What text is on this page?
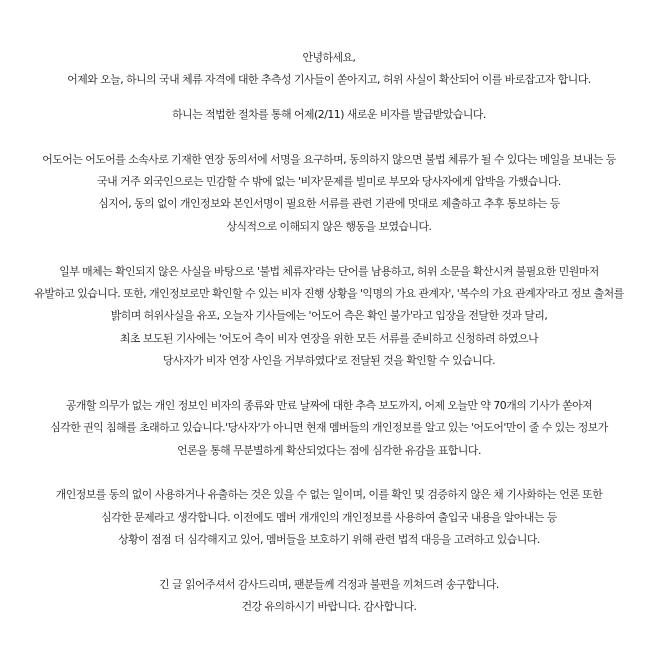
안녕하세요,
어제와 오늘, 하니의 국내 체류 자격에 대한 추측성 기사들이 쏟아지고, 허위 사실이 확산되어 이를 바로잡고자 합니다.
하니는 적법한 절차를 통해 어제(2/11) 새로운 비자를 발급받았습니다.
어도어는 어도어를 소속사로 기재한 연장 동의서에 서명을 요구하며, 동의하지 않으면 불법 체류가 될 수 있다는 메일을 보내는 등
국내 거주 외국인으로는 민감할 수 밖에 없는 '비자'문제를 빌미로 부모와 당사자에게 압박을 가했습니다.
심지어, 동의 없이 개인정보와 본인서명이 필요한 서류를 관련 기관에 멋대로 제출하고 추후 통보하는 등
상식적으로 이해되지 않은 행동을 보였습니다.
일부 매체는 확인되지 않은 사실을 바탕으로 '불법 체류자'라는 단어를 남용하고, 허위 소문을 확산시켜 불필요한 민원마저
유발하고 있습니다. 또한, 개인정보로만 확인할 수 있는 비자 진행 상황을 '익명의 가요 관계자', '복수의 가요 관계자'라고 정보 출처를
밝히며 허위사실을 유포, 오늘자 기사들에는 '어도어 측은 확인 불가'라고 입장을 전달한 것과 달리,
최초 보도된 기사에는 '어도어 측이 비자 연장을 위한 모든 서류를 준비하고 신청하려 하였으나
당사자가 비자 연장 사인을 거부하였다'로 전달된 것을 확인할 수 있습니다.
공개할 의무가 없는 개인 정보인 비자의 종류와 만료 날짜에 대한 추측 보도까지, 어제 오늘만 약 70개의 기사가 쏟아져
심각한 권익 침해를 초래하고 있습니다.'당사자'가 아니면 현재 멤버들의 개인정보를 알고 있는 '어도어'만이 줄 수 있는 정보가
언론을 통해 무분별하게 확산되었다는 점에 심각한 유감을 표합니다.
개인정보를 동의 없이 사용하거나 유출하는 것은 있을 수 없는 일이며, 이를 확인 및 검증하지 않은 채 기사화하는 언론 또한
심각한 문제라고 생각합니다. 이전에도 멤버 개개인의 개인정보를 사용하여 출입국 내용을 알아내는 등
상황이 점점 더 심각해지고 있어, 멤버들을 보호하기 위해 관련 법적 대응을 고려하고 있습니다.
긴 글 읽어주셔서 감사드리며, 팬분들께 걱정과 불편을 끼쳐드려 송구합니다.
건강 유의하시기 바랍니다. 감사합니다.
